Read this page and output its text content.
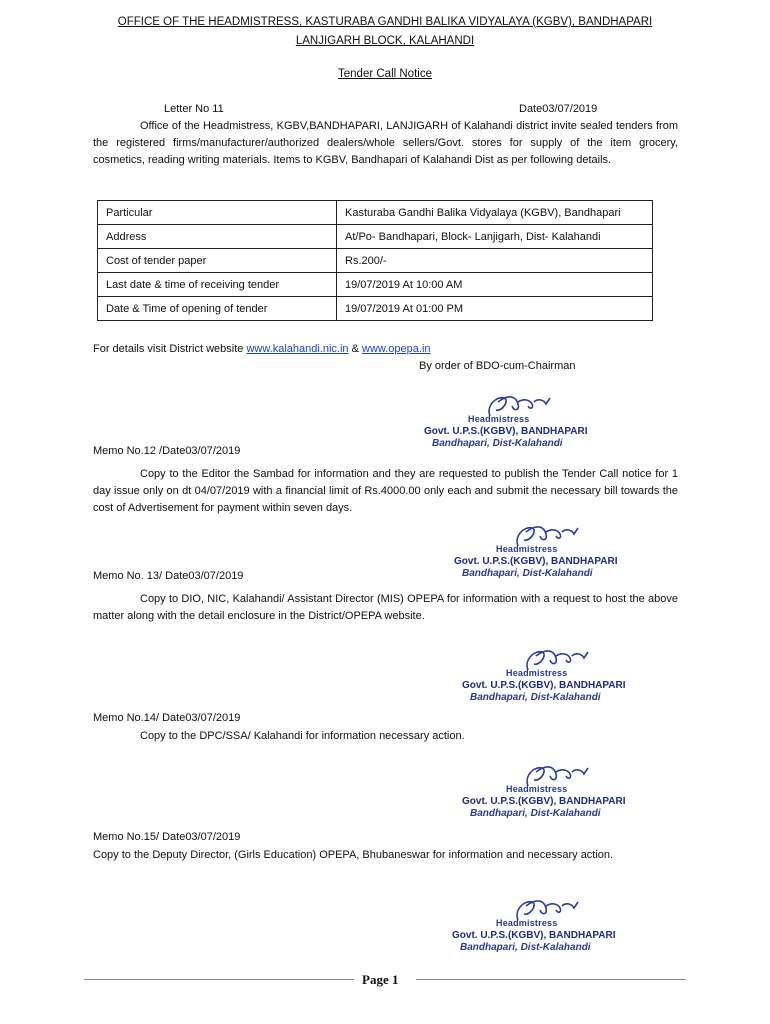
OFFICE OF THE HEADMISTRESS, KASTURABA GANDHI BALIKA VIDYALAYA (KGBV), BANDHAPARI
LANJIGARH BLOCK, KALAHANDI
Tender Call Notice
Letter No 11	Date03/07/2019
Office of the Headmistress, KGBV,BANDHAPARI, LANJIGARH of Kalahandi district invite sealed tenders from the registered firms/manufacturer/authorized dealers/whole sellers/Govt. stores for supply of the item grocery, cosmetics, reading writing materials. Items to KGBV, Bandhapari of Kalahandi Dist as per following details.
Particular	Kasturaba Gandhi Balika Vidyalaya (KGBV), Bandhapari
Address	At/Po- Bandhapari, Block- Lanjigarh, Dist- Kalahandi
Cost of tender paper	Rs.200/-
Last date & time of receiving tender	19/07/2019 At 10:00 AM
Date & Time of opening of tender	19/07/2019 At 01:00 PM
For details visit District website www.kalahandi.nic.in & www.opepa.in
By order of BDO-cum-Chairman
Headmistress
Govt. U.P.S.(KGBV), BANDHAPARI
Bandhapari, Dist-Kalahandi
Memo No.12 /Date03/07/2019
Copy to the Editor the Sambad for information and they are requested to publish the Tender Call notice for 1 day issue only on dt 04/07/2019 with a financial limit of Rs.4000.00 only each and submit the necessary bill towards the cost of Advertisement for payment within seven days.
Headmistress
Govt. U.P.S.(KGBV), BANDHAPARI
Bandhapari, Dist-Kalahandi
Memo No. 13/ Date03/07/2019
Copy to DIO, NIC, Kalahandi/ Assistant Director (MIS) OPEPA for information with a request to host the above matter along with the detail enclosure in the District/OPEPA website.
Headmistress
Govt. U.P.S.(KGBV), BANDHAPARI
Bandhapari, Dist-Kalahandi
Memo No.14/ Date03/07/2019
Copy to the DPC/SSA/ Kalahandi for information necessary action.
Headmistress
Govt. U.P.S.(KGBV), BANDHAPARI
Bandhapari, Dist-Kalahandi
Memo No.15/ Date03/07/2019
Copy to the Deputy Director, (Girls Education) OPEPA, Bhubaneswar for information and necessary action.
Headmistress
Govt. U.P.S.(KGBV), BANDHAPARI
Bandhapari, Dist-Kalahandi
Page 1
